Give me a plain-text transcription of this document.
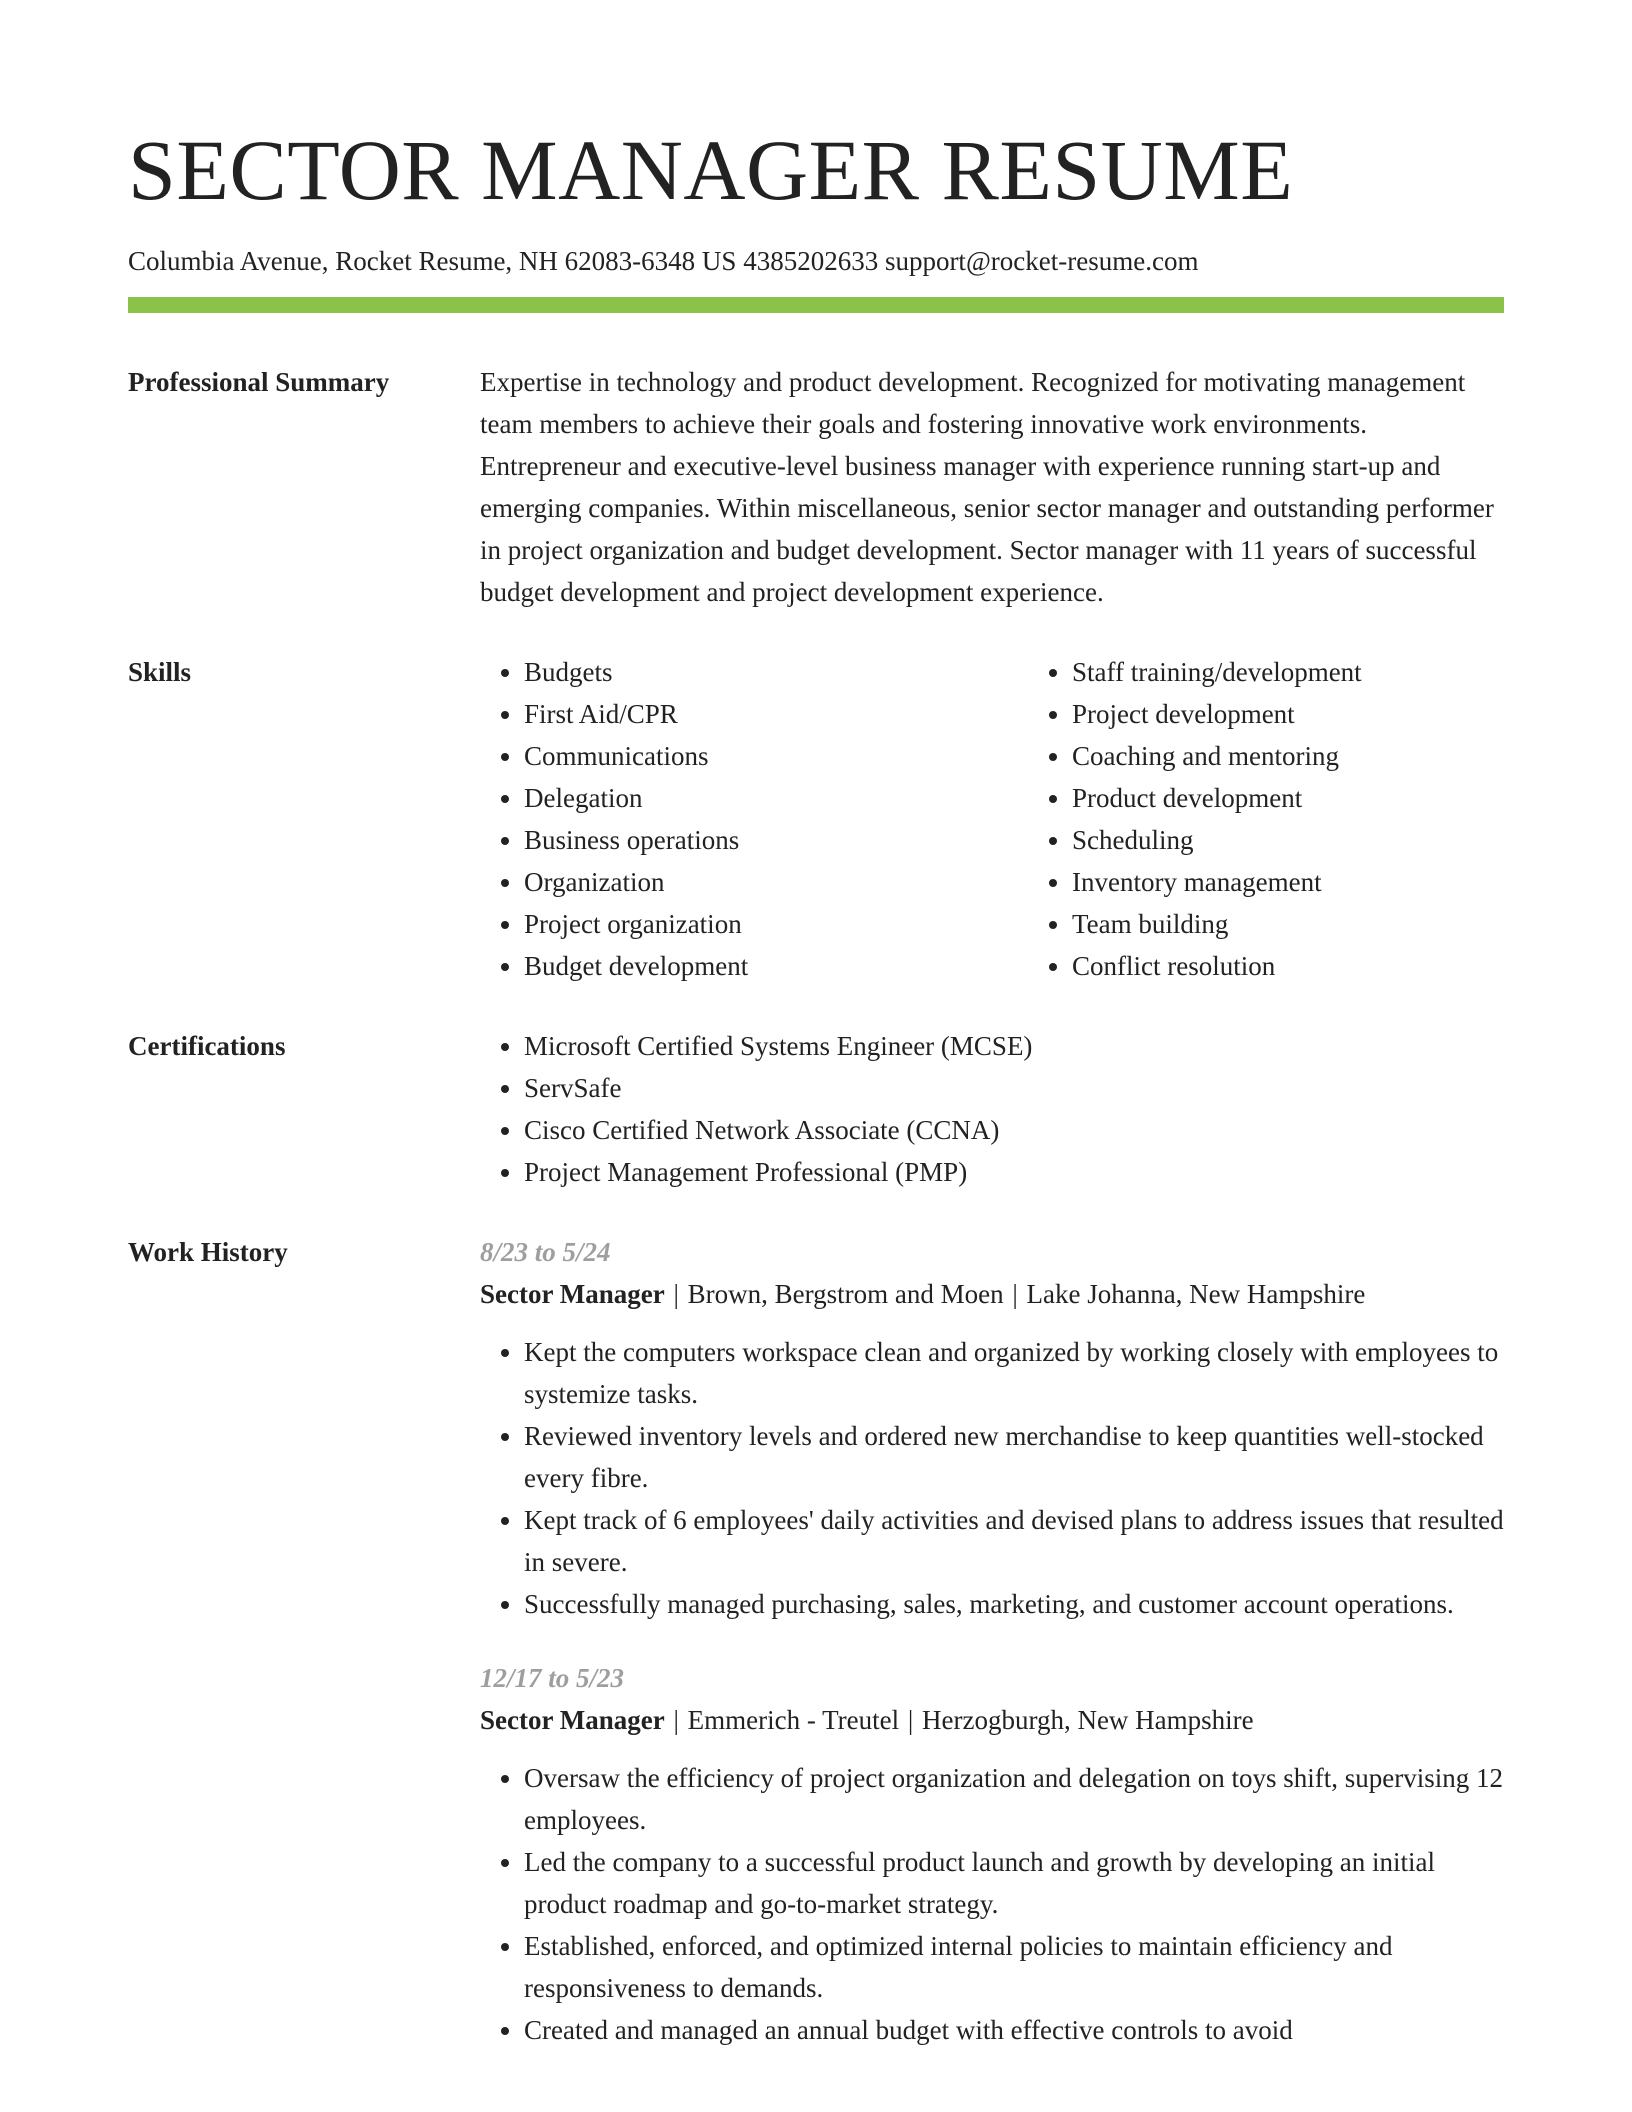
SECTOR MANAGER RESUME
Columbia Avenue, Rocket Resume, NH 62083-6348 US 4385202633 support@rocket-resume.com
Professional Summary	Expertise in technology and product development. Recognized for motivating management team members to achieve their goals and fostering innovative work environments. Entrepreneur and executive-level business manager with experience running start-up and emerging companies. Within miscellaneous, senior sector manager and outstanding performer in project organization and budget development. Sector manager with 11 years of successful budget development and project development experience.

Skills	• Budgets
• First Aid/CPR
• Communications
• Delegation
• Business operations
• Organization
• Project organization
• Budget development
• Staff training/development
• Project development
• Coaching and mentoring
• Product development
• Scheduling
• Inventory management
• Team building
• Conflict resolution
Certifications	• Microsoft Certified Systems Engineer (MCSE)
• ServSafe
• Cisco Certified Network Associate (CCNA)
• Project Management Professional (PMP)
Work History	8/23 to 5/24
Sector Manager | Brown, Bergstrom and Moen | Lake Johanna, New Hampshire
• Kept the computers workspace clean and organized by working closely with employees to systemize tasks.
• Reviewed inventory levels and ordered new merchandise to keep quantities well-stocked every fibre.
• Kept track of 6 employees' daily activities and devised plans to address issues that resulted in severe.
• Successfully managed purchasing, sales, marketing, and customer account operations.
12/17 to 5/23
Sector Manager | Emmerich - Treutel | Herzogburgh, New Hampshire
• Oversaw the efficiency of project organization and delegation on toys shift, supervising 12 employees.
• Led the company to a successful product launch and growth by developing an initial product roadmap and go-to-market strategy.
• Established, enforced, and optimized internal policies to maintain efficiency and responsiveness to demands.
• Created and managed an annual budget with effective controls to avoid
